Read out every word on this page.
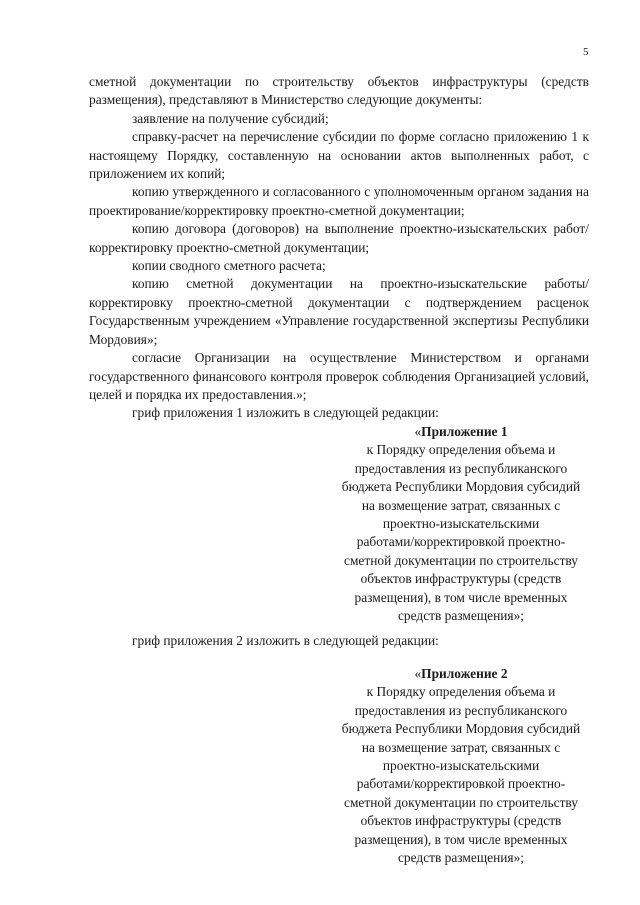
5

сметной документации по строительству объектов инфраструктуры (средств размещения), представляют в Министерство следующие документы:

заявление на получение субсидий;

справку-расчет на перечисление субсидии по форме согласно приложению 1 к настоящему Порядку, составленную на основании актов выполненных работ, с приложением их копий;

копию утвержденного и согласованного с уполномоченным органом задания на проектирование/корректировку проектно-сметной документации;

копию договора (договоров) на выполнение проектно-изыскательских работ/корректировку проектно-сметной документации;

копии сводного сметного расчета;

копию сметной документации на проектно-изыскательские работы/корректировку проектно-сметной документации с подтверждением расценок Государственным учреждением «Управление государственной экспертизы Республики Мордовия»;

согласие Организации на осуществление Министерством и органами государственного финансового контроля проверок соблюдения Организацией условий, целей и порядка их предоставления.»;

гриф приложения 1 изложить в следующей редакции:

«Приложение 1
к Порядку определения объема и
предоставления из республиканского
бюджета Республики Мордовия субсидий
на возмещение затрат, связанных с
проектно-изыскательскими
работами/корректировкой проектно-
сметной документации по строительству
объектов инфраструктуры (средств
размещения), в том числе временных
средств размещения»;
гриф приложения 2 изложить в следующей редакции:
«Приложение 2
к Порядку определения объема и
предоставления из республиканского
бюджета Республики Мордовия субсидий
на возмещение затрат, связанных с
проектно-изыскательскими
работами/корректировкой проектно-
сметной документации по строительству
объектов инфраструктуры (средств
размещения), в том числе временных
средств размещения»;
